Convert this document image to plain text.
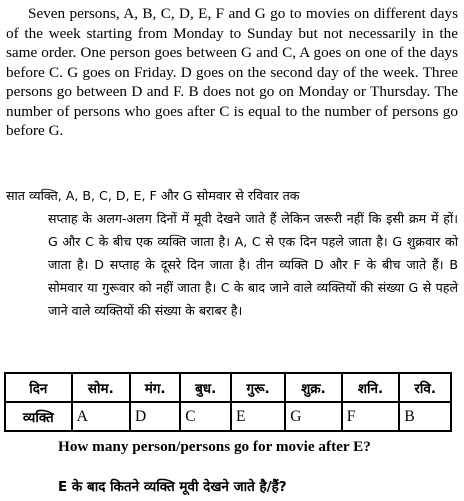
Seven persons, A, B, C, D, E, F and G go to movies on different days of the week starting from Monday to Sunday but not necessarily in the same order. One person goes between G and C, A goes on one of the days before C. G goes on Friday. D goes on the second day of the week. Three persons go between D and F. B does not go on Monday or Thursday. The number of persons who goes after C is equal to the number of persons go before G.
सात व्यक्ति, A, B, C, D, E, F और G सोमवार से रविवार तक
सप्ताह के अलग-अलग दिनों में मूवी देखने जाते हैं लेकिन जरूरी नहीं कि इसी क्रम में हों। G और C के बीच एक व्यक्ति जाता है। A, C से एक दिन पहले जाता है। G शुक्रवार को जाता है। D सप्ताह के दूसरे दिन जाता है। तीन व्यक्ति D और F के बीच जाते हैं। B सोमवार या गुरूवार को नहीं जाता है। C के बाद जाने वाले व्यक्तियों की संख्या G से पहले जाने वाले व्यक्तियों की संख्या के बराबर है।
दिन	सोम.	मंग.	बुध.	गुरू.	शुक्र.	शनि.	रवि.
व्यक्ति	A	D	C	E	G	F	B
How many person/persons go for movie after E?
E के बाद कितने व्यक्ति मूवी देखने जाते है/हैं?
